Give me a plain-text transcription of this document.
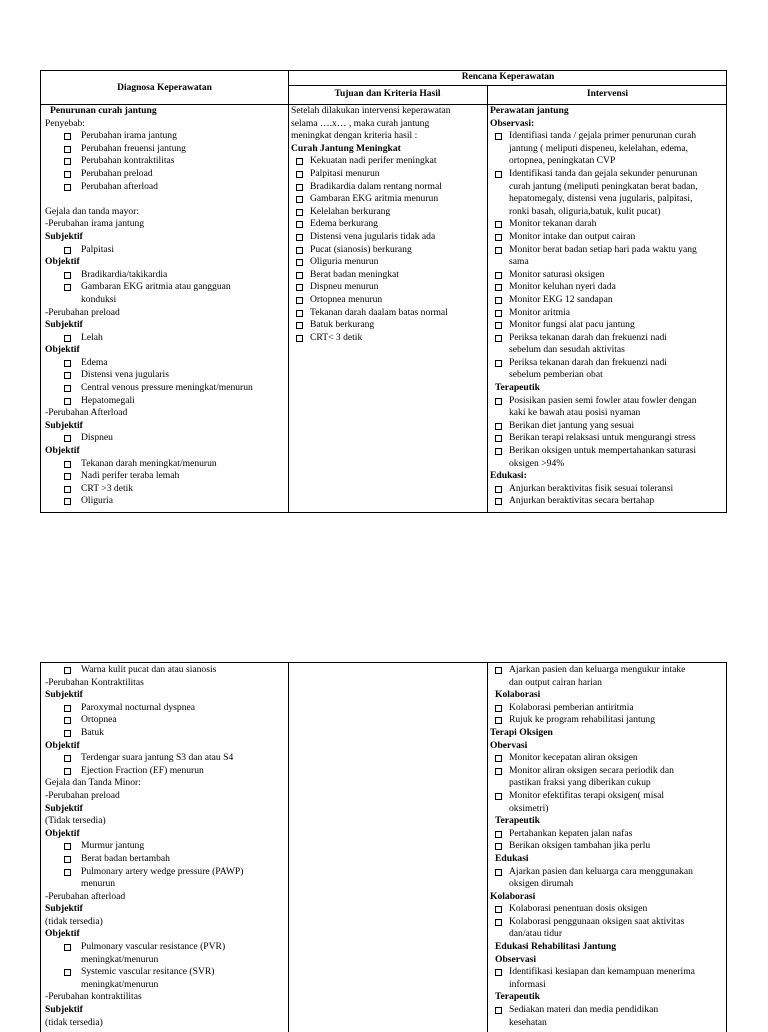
Diagnosa Keperawatan
Rencana Keperawatan
Tujuan dan Kriteria Hasil	Intervensi
Penurunan curah jantung
Penyebab:
Perubahan irama jantung
Perubahan freuensi jantung
Perubahan kontraktilitas
Perubahan preload
Perubahan afterload
Gejala dan tanda mayor:
-Perubahan irama jantung
Subjektif
Palpitasi
Objektif
Bradikardia/takikardia
Gambaran EKG aritmia atau gangguan
konduksi
-Perubahan preload
Subjektif
Lelah
Objektif
Edema
Distensi vena jugularis
Central venous pressure meningkat/menurun
Hepatomegali
-Perubahan Afterload
Subjektif
Dispneu
Objektif
Tekanan darah meningkat/menurun
Nadi perifer teraba lemah
CRT >3 detik
Oliguria
Setelah dilakukan intervensi keperawatan
selama ….x… , maka curah jantung
meningkat dengan kriteria hasil :
Curah Jantung Meningkat
Kekuatan nadi perifer meningkat
Palpitasi menurun
Bradikardia dalam rentang normal
Gambaran EKG aritmia menurun
Kelelahan berkurang
Edema berkurang
Distensi vena jugularis tidak ada
Pucat (sianosis) berkurang
Oliguria menurun
Berat badan meningkat
Dispneu menurun
Ortopnea menurun
Tekanan darah daalam batas normal
Batuk berkurang
CRT< 3 detik
Perawatan jantung
Observasi:
Identifiasi tanda / gejala primer penurunan curah
jantung ( meliputi dispeneu, kelelahan, edema,
ortopnea, peningkatan CVP
Identifikasi tanda dan gejala sekunder penurunan
curah jantung (meliputi peningkatan berat badan,
hepatomegaly, distensi vena jugularis, palpitasi,
ronki basah, oliguria,batuk, kulit pucat)
Monitor tekanan darah
Monitor intake dan output cairan
Monitor berat badan setiap hari pada waktu yang
sama
Monitor saturasi oksigen
Monitor keluhan nyeri dada
Monitor EKG 12 sandapan
Monitor aritmia
Monitor fungsi alat pacu jantung
Periksa tekanan darah dan frekuenzi nadi
sebelum dan sesudah aktivitas
Periksa tekanan darah dan frekuenzi nadi
sebelum pemberian obat
Terapeutik
Posisikan pasien semi fowler atau fowler dengan
kaki ke bawah atau posisi nyaman
Berikan diet jantung yang sesuai
Berikan terapi relaksasi untuk mengurangi stress
Berikan oksigen untuk mempertahankan saturasi
oksigen >94%
Edukasi:
Anjurkan beraktivitas fisik sesuai toleransi
Anjurkan beraktivitas secara bertahap
Warna kulit pucat dan atau sianosis
-Perubahan Kontraktilitas
Subjektif
Paroxymal nocturnal dyspnea
Ortopnea
Batuk
Objektif
Terdengar suara jantung S3 dan atau S4
Ejection Fraction (EF) menurun
Gejala dan Tanda Minor:
-Perubahan preload
Subjektif
(Tidak tersedia)
Objektif
Murmur jantung
Berat badan bertambah
Pulmonary artery wedge pressure (PAWP)
menurun
-Perubahan afterload
Subjektif
(tidak tersedia)
Objektif
Pulmonary vascular resistance (PVR)
meningkat/menurun
Systemic vascular resitance (SVR)
meningkat/menurun
-Perubahan kontraktilitas
Subjektif
(tidak tersedia)
Ajarkan pasien dan keluarga mengukur intake
dan output cairan harian
Kolaborasi
Kolaborasi pemberian antiritmia
Rujuk ke program rehabilitasi jantung
Terapi Oksigen
Obervasi
Monitor kecepatan aliran oksigen
Monitor aliran oksigen secara periodik dan
pastikan fraksi yang diberikan cukup
Monitor efektifitas terapi oksigen( misal
oksimetri)
Terapeutik
Pertahankan kepaten jalan nafas
Berikan oksigen tambahan jika perlu
Edukasi
Ajarkan pasien dan keluarga cara menggunakan
oksigen dirumah
Kolaborasi
Kolaborasi penentuan dosis oksigen
Kolaborasi penggunaan oksigen saat aktivitas
dan/atau tidur
Edukasi Rehabilitasi Jantung
Observasi
Identifikasi kesiapan dan kemampuan menerima
informasi
Terapeutik
Sediakan materi dan media pendidikan
kesehatan
